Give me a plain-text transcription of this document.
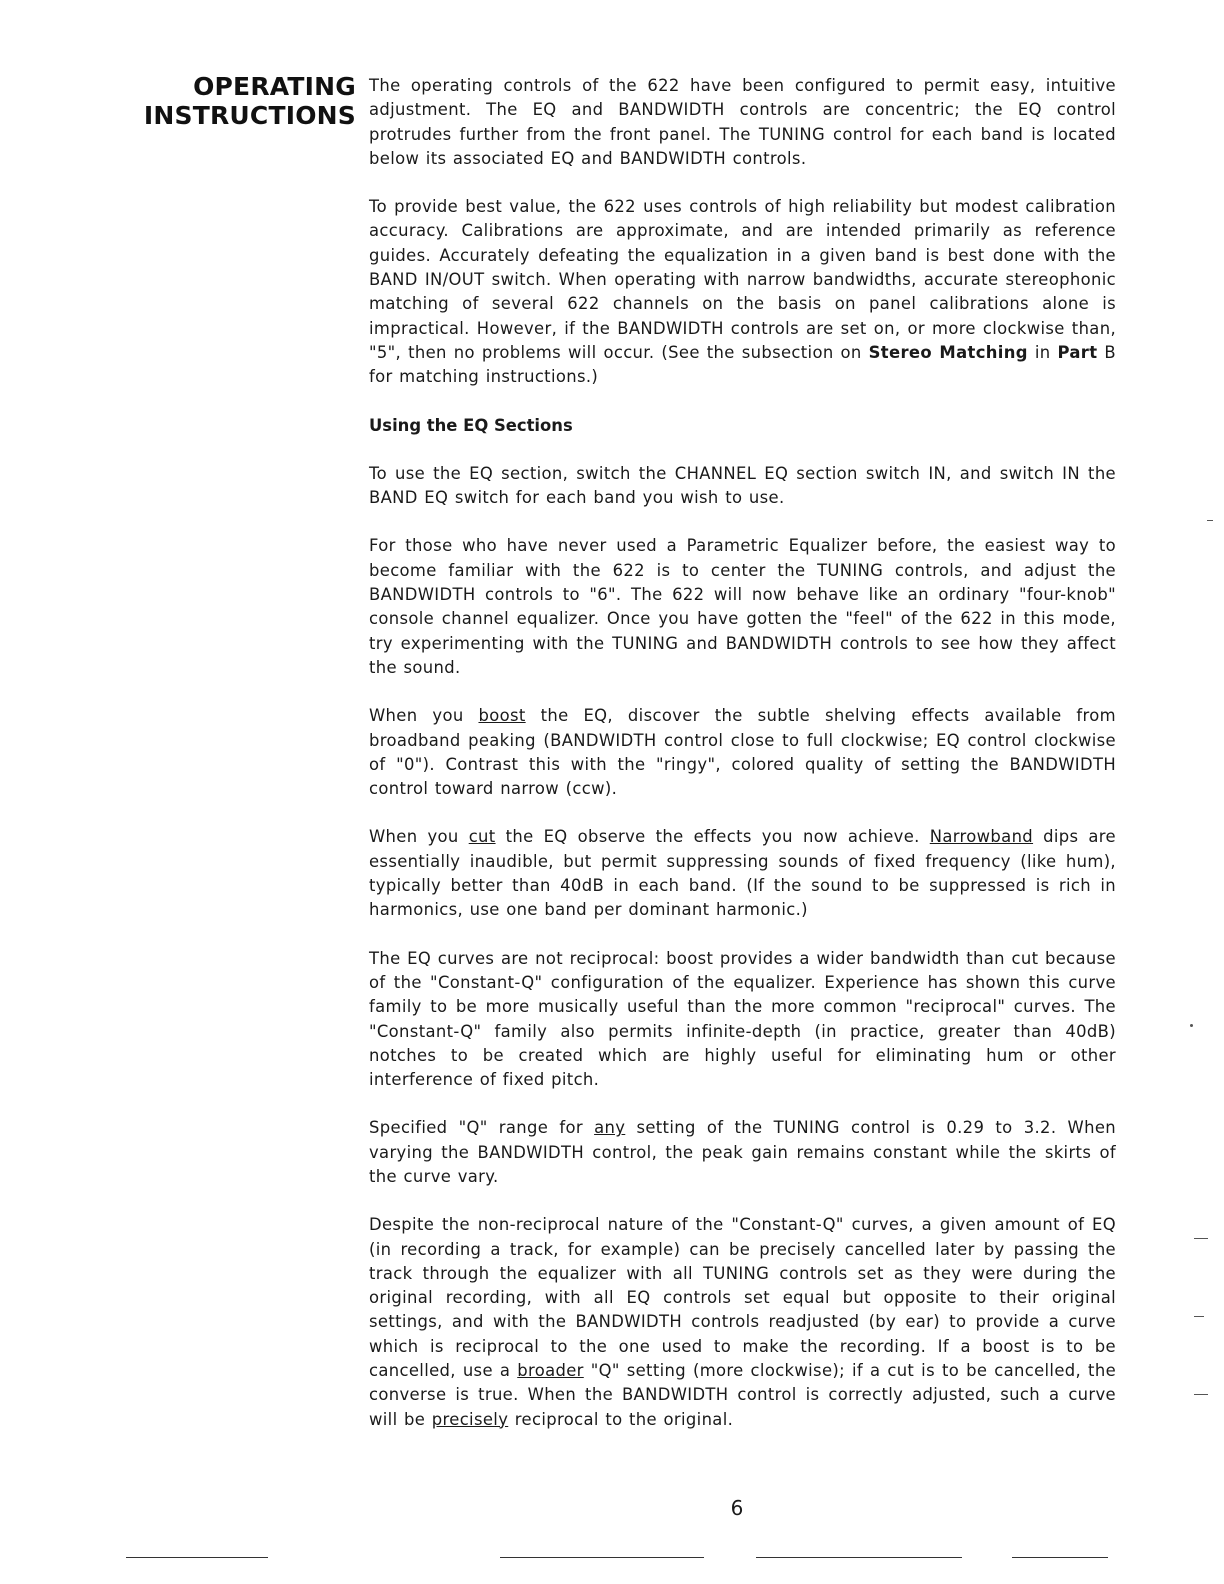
OPERATING
INSTRUCTIONS

The operating controls of the 622 have been configured to permit easy, intuitive adjustment. The EQ and BANDWIDTH controls are concentric; the EQ control protrudes further from the front panel. The TUNING control for each band is located below its associated EQ and BANDWIDTH controls.

To provide best value, the 622 uses controls of high reliability but modest calibration accuracy. Calibrations are approximate, and are intended primarily as reference guides. Accurately defeating the equalization in a given band is best done with the BAND IN/OUT switch. When operating with narrow bandwidths, accurate stereophonic matching of several 622 channels on the basis on panel calibrations alone is impractical. However, if the BANDWIDTH controls are set on, or more clockwise than, "5", then no problems will occur. (See the subsection on Stereo Matching in Part B for matching instructions.)

Using the EQ Sections

To use the EQ section, switch the CHANNEL EQ section switch IN, and switch IN the BAND EQ switch for each band you wish to use.

For those who have never used a Parametric Equalizer before, the easiest way to become familiar with the 622 is to center the TUNING controls, and adjust the BANDWIDTH controls to "6". The 622 will now behave like an ordinary "four-knob" console channel equalizer. Once you have gotten the "feel" of the 622 in this mode, try experimenting with the TUNING and BANDWIDTH controls to see how they affect the sound.

When you boost the EQ, discover the subtle shelving effects available from broadband peaking (BANDWIDTH control close to full clockwise; EQ control clockwise of "0"). Contrast this with the "ringy", colored quality of setting the BANDWIDTH control toward narrow (ccw).

When you cut the EQ observe the effects you now achieve. Narrowband dips are essentially inaudible, but permit suppressing sounds of fixed frequency (like hum), typically better than 40dB in each band. (If the sound to be suppressed is rich in harmonics, use one band per dominant harmonic.)

The EQ curves are not reciprocal: boost provides a wider bandwidth than cut because of the "Constant-Q" configuration of the equalizer. Experience has shown this curve family to be more musically useful than the more common "reciprocal" curves. The "Constant-Q" family also permits infinite-depth (in practice, greater than 40dB) notches to be created which are highly useful for eliminating hum or other interference of fixed pitch.

Specified "Q" range for any setting of the TUNING control is 0.29 to 3.2. When varying the BANDWIDTH control, the peak gain remains constant while the skirts of the curve vary.

Despite the non-reciprocal nature of the "Constant-Q" curves, a given amount of EQ (in recording a track, for example) can be precisely cancelled later by passing the track through the equalizer with all TUNING controls set as they were during the original recording, with all EQ controls set equal but opposite to their original settings, and with the BANDWIDTH controls readjusted (by ear) to provide a curve which is reciprocal to the one used to make the recording. If a boost is to be cancelled, use a broader "Q" setting (more clockwise); if a cut is to be cancelled, the converse is true. When the BANDWIDTH control is correctly adjusted, such a curve will be precisely reciprocal to the original.

6
